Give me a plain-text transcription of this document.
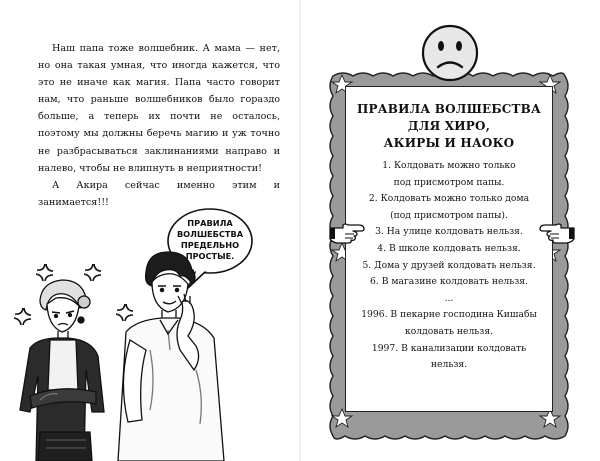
Наш папа тоже волшебник. А мама — нет, но она такая умная, что иногда кажется, что это не иначе как магия. Папа часто говорит нам, что раньше волшебников было гораздо больше, а теперь их почти не осталось, поэтому мы должны беречь магию и уж точно не разбрасываться заклинаниями направо и налево, чтобы не влипнуть в неприятности!
А Акира сейчас именно этим и занимается!!!
ПРАВИЛА
ВОЛШЕБСТВА
ПРЕДЕЛЬНО
ПРОСТЫЕ.
ПРАВИЛА ВОЛШЕБСТВА
ДЛЯ ХИРО,
АКИРЫ И НАОКО
1. Колдовать можно только
под присмотром папы.
2. Колдовать можно только дома
(под присмотром папы).
3. На улице колдовать нельзя.
4. В школе колдовать нельзя.
5. Дома у друзей колдовать нельзя.
6. В магазине колдовать нельзя.
...
1996. В пекарне господина Кишабы
колдовать нельзя.
1997. В канализации колдовать
нельзя.
